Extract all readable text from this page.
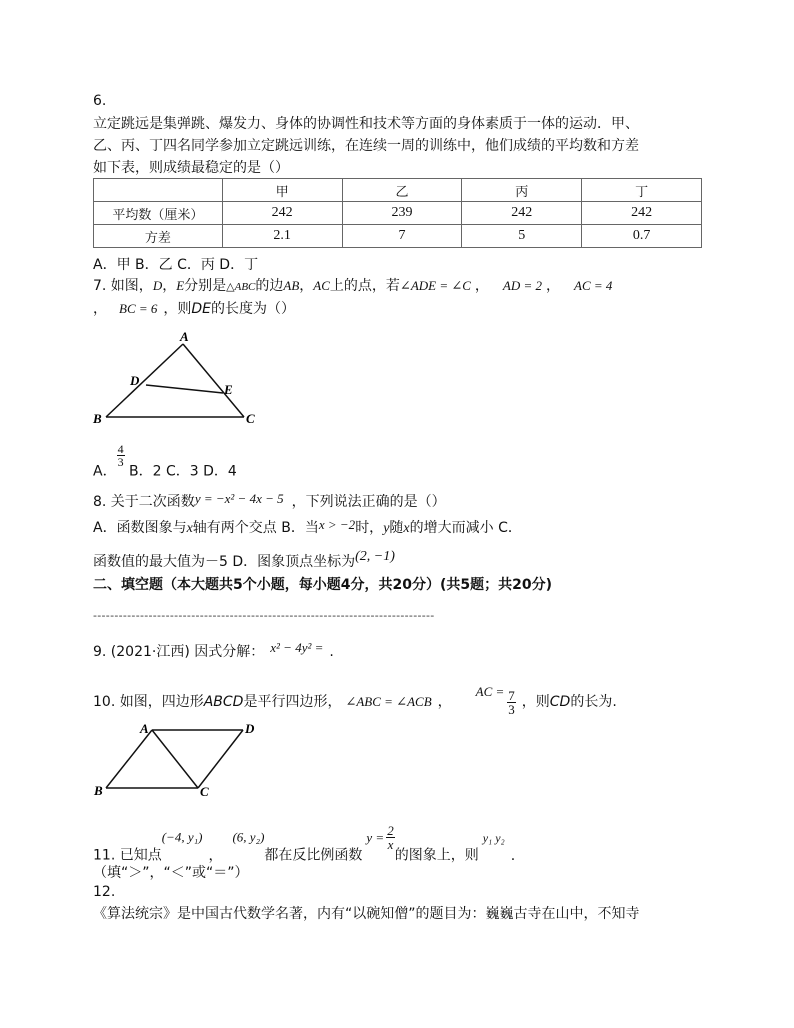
6.
立定跳远是集弹跳、爆发力、身体的协调性和技术等方面的身体素质于一体的运动．甲、
乙、丙、丁四名同学参加立定跳远训练，在连续一周的训练中，他们成绩的平均数和方差
如下表，则成绩最稳定的是（）
	甲	乙	丙	丁
平均数（厘米）	242	239	242	242
方差	2.1	7	5	0.7
A．甲 B．乙 C．丙 D．丁
7. 如图，D，E分别是△ABC的边AB，AC上的点，若∠ADE = ∠C ， AD = 2 ， AC = 4
， BC = 6 ，则DE的长度为（）
A
B	C
D
E
A．
$\frac{4}{3}$
B．2 C．3 D．4
8. 关于二次函数y = −x² − 4x − 5 ，下列说法正确的是（）
A．函数图象与x轴有两个交点 B．当x > −2时，y随x的增大而减小 C．
函数值的最大值为－5 D．图象顶点坐标为(2, −1)
二、填空题（本大题共5个小题，每小题4分，共20分）(共5题；共20分)
--------------------------------------------------------------------------------
9. (2021·江西) 因式分解： x² − 4y² = .
10. 如图，四边形ABCD是平行四边形， ∠ABC = ∠ACB ，AC = $\frac{7}{3}$ ，则CD的长为.
A
B	C
D
11. 已知点(−4, y₁)，(6, y₂)都在反比例函数$y = \frac{2}{x}$
的图象上，则y₁ y₂.
（填“＞”，“＜”或“＝”）
12.
《算法统宗》是中国古代数学名著，内有“以碗知僧”的题目为：巍巍古寺在山中，不知寺
